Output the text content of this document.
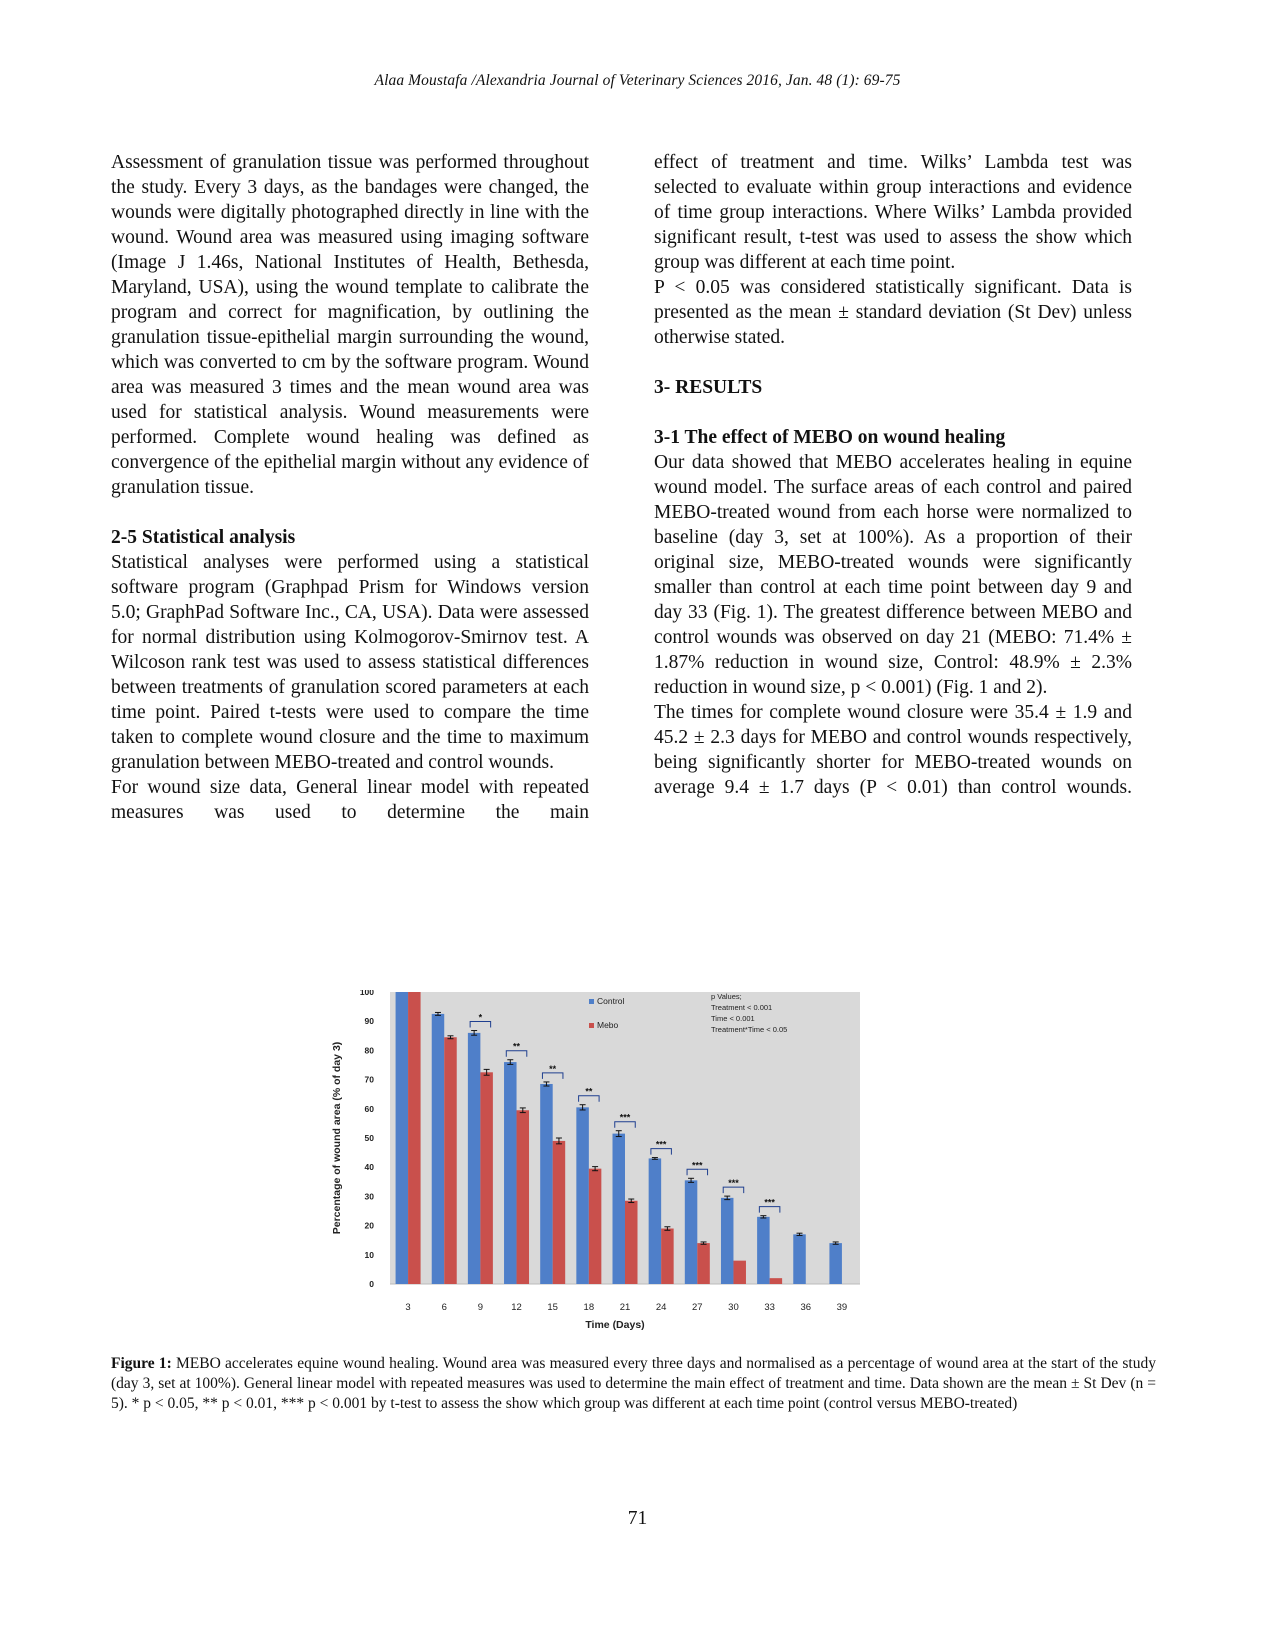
Alaa Moustafa /Alexandria Journal of Veterinary Sciences 2016, Jan. 48 (1): 69-75

Assessment of granulation tissue was performed throughout the study. Every 3 days, as the bandages were changed, the wounds were digitally photographed directly in line with the wound. Wound area was measured using imaging software (Image J 1.46s, National Institutes of Health, Bethesda, Maryland, USA), using the wound template to calibrate the program and correct for magnification, by outlining the granulation tissue-epithelial margin surrounding the wound, which was converted to cm by the software program. Wound area was measured 3 times and the mean wound area was used for statistical analysis. Wound measurements were performed. Complete wound healing was defined as convergence of the epithelial margin without any evidence of granulation tissue.

2-5 Statistical analysis

Statistical analyses were performed using a statistical software program (Graphpad Prism for Windows version 5.0; GraphPad Software Inc., CA, USA). Data were assessed for normal distribution using Kolmogorov-Smirnov test. A Wilcoson rank test was used to assess statistical differences between treatments of granulation scored parameters at each time point. Paired t-tests were used to compare the time taken to complete wound closure and the time to maximum granulation between MEBO-treated and control wounds.

For wound size data, General linear model with repeated measures was used to determine the main

effect of treatment and time. Wilks’ Lambda test was selected to evaluate within group interactions and evidence of time group interactions. Where Wilks’ Lambda provided significant result, t-test was used to assess the show which group was different at each time point.

P < 0.05 was considered statistically significant. Data is presented as the mean ± standard deviation (St Dev) unless otherwise stated.

3- RESULTS
3-1 The effect of MEBO on wound healing

Our data showed that MEBO accelerates healing in equine wound model. The surface areas of each control and paired MEBO-treated wound from each horse were normalized to baseline (day 3, set at 100%). As a proportion of their original size, MEBO-treated wounds were significantly smaller than control at each time point between day 9 and day 33 (Fig. 1). The greatest difference between MEBO and control wounds was observed on day 21 (MEBO: 71.4% ± 1.87% reduction in wound size, Control: 48.9% ± 2.3% reduction in wound size, p < 0.001) (Fig. 1 and 2).

The times for complete wound closure were 35.4 ± 1.9 and 45.2 ± 2.3 days for MEBO and control wounds respectively, being significantly shorter for MEBO-treated wounds on average 9.4 ± 1.7 days (P < 0.01) than control wounds.

0
10
20
30
40
50
60
70
80
90
100
Percentage of wound area (% of day 3)
3	6	9
*
12
**
15
**
18
**
21
***
24
***
27
***
30
***
33
***
36	39
Time (Days)
Control
Mebo
p Values;
Treatment < 0.001
Time < 0.001
Treatment*Time < 0.05
Figure 1: MEBO accelerates equine wound healing. Wound area was measured every three days and normalised as a percentage of wound area at the start of the study (day 3, set at 100%). General linear model with repeated measures was used to determine the main effect of treatment and time. Data shown are the mean ± St Dev (n = 5). * p < 0.05, ** p < 0.01, *** p < 0.001 by t-test to assess the show which group was different at each time point (control versus MEBO-treated)
71
